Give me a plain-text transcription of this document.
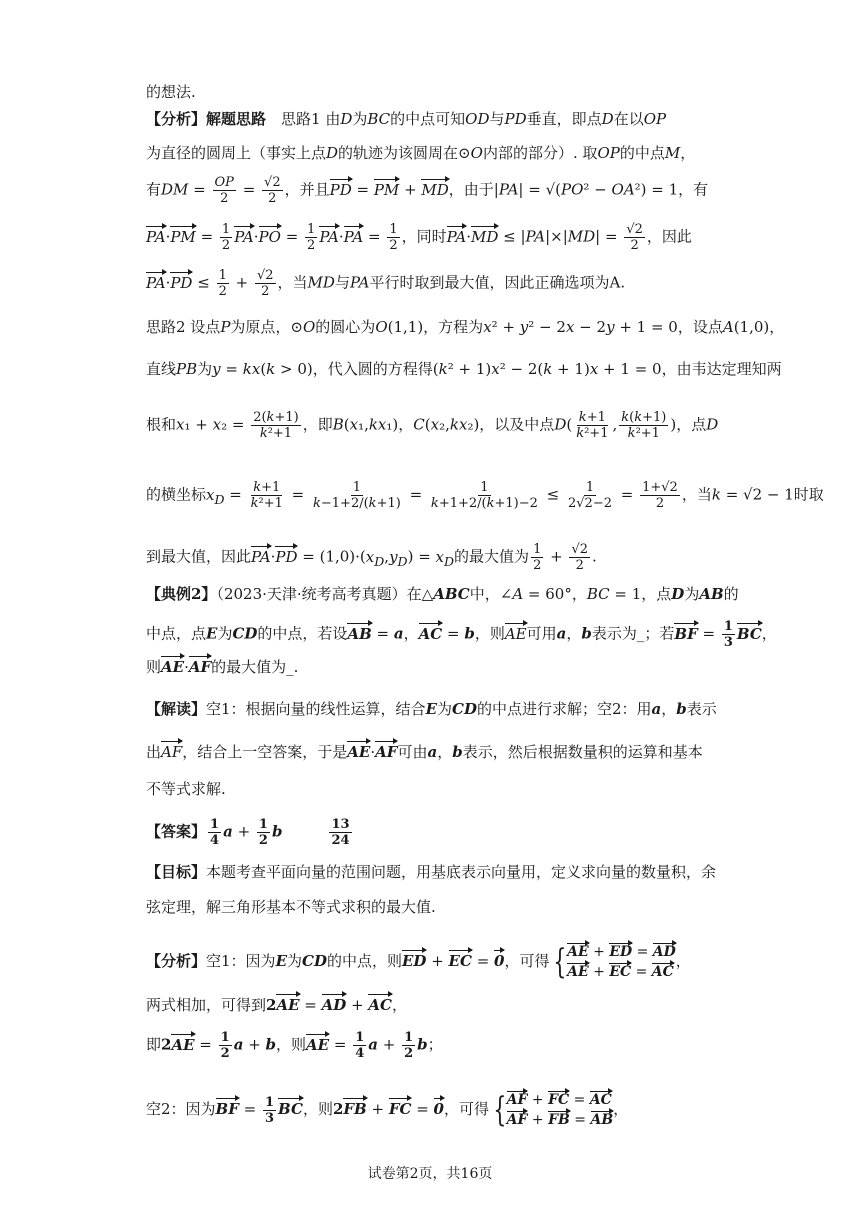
的想法.
【分析】解题思路　思路1 由D为BC的中点可知OD与PD垂直，即点D在以OP
为直径的圆周上（事实上点D的轨迹为该圆周在⊙O内部的部分）. 取OP的中点M，
有DM = $\frac{OP}{2} = \frac{√2}{2}$ ，并且PD = PM + MD，由于|PA| = √(PO² − OA²) = 1，有
$PA\cdot PM = \frac{1}{2} PA\cdot PO = \frac{1}{2} PA\cdot PA = \frac{1}{2}$ ，同时$PA\cdot MD \le |PA|\times|MD| = \frac{√2}{2}$ ，因此
$PA\cdot PD \le \frac{1}{2} + \frac{√2}{2}$ ，当MD与PA平行时取到最大值，因此正确选项为A.
思路2 设点P为原点，⊙O的圆心为O(1,1)，方程为x² + y² − 2x − 2y + 1 = 0，设点A(1,0)，
直线PB为y = kx(k > 0)，代入圆的方程得(k² + 1)x² − 2(k + 1)x + 1 = 0，由韦达定理知两
根和$x_1 + x_2 = \frac{2(k+1)}{\text{k²+1}}$ ，即B(x₁,kx₁)，C(x₂,kx₂)，以及中点$D( \frac{k+1}{\text{k²+1}}$ , $\frac{k(k+1)}{\text{k²+1}}$ )，点D
的横坐标$x_D = \frac{k+1}{\text{k²+1}} = \frac{1}{k-1+2/(k+1)} = \frac{1}{k+1+2/(k+1)-2} \le \frac{1}{2√2-2} = \frac{1+√2}{2}$ ，当k = √2 − 1时取
到最大值，因此$PA\cdot PD = (1,0)\cdot(x_D,y_D) = x_D$的最大值为 $\frac{1}{2} + \frac{√2}{2}$ .
【典例2】（2023·天津·统考高考真题）在△ABC中，∠A = 60°，BC = 1，点D为AB的
中点，点E为CD的中点，若设AB = a，AC = b，则AE可用a，b表示为_；若BF = $\frac{1}{3}$ BC，
则AE·AF的最大值为_.
【解读】空1：根据向量的线性运算，结合E为CD的中点进行求解；空2：用a，b表示
出AF，结合上一空答案，于是AE·AF可由a，b表示，然后根据数量积的运算和基本
不等式求解.
【答案】 $\frac{1}{4}$ $a + \frac{1}{2}$ b　　　	$\frac{13}{24}$
【目标】本题考查平面向量的范围问题，用基底表示向量用，定义求向量的数量积，余
弦定理，解三角形基本不等式求积的最大值.
【分析】空1：因为E为CD的中点，则ED + EC = 0，可得 { AE + ED = AD
AE + EC = AC
，
两式相加，可得到2AE = AD + AC，
即$2AE = \frac{1}{2}$ a + b，则AE = $\frac{1}{4}$ $a + \frac{1}{2}$ b；
空2：因为BF = $\frac{1}{3}$ BC，则2FB + FC = 0，可得 { AF + FC = AC
AF + FB = AB
，
试卷第2页，共16页
